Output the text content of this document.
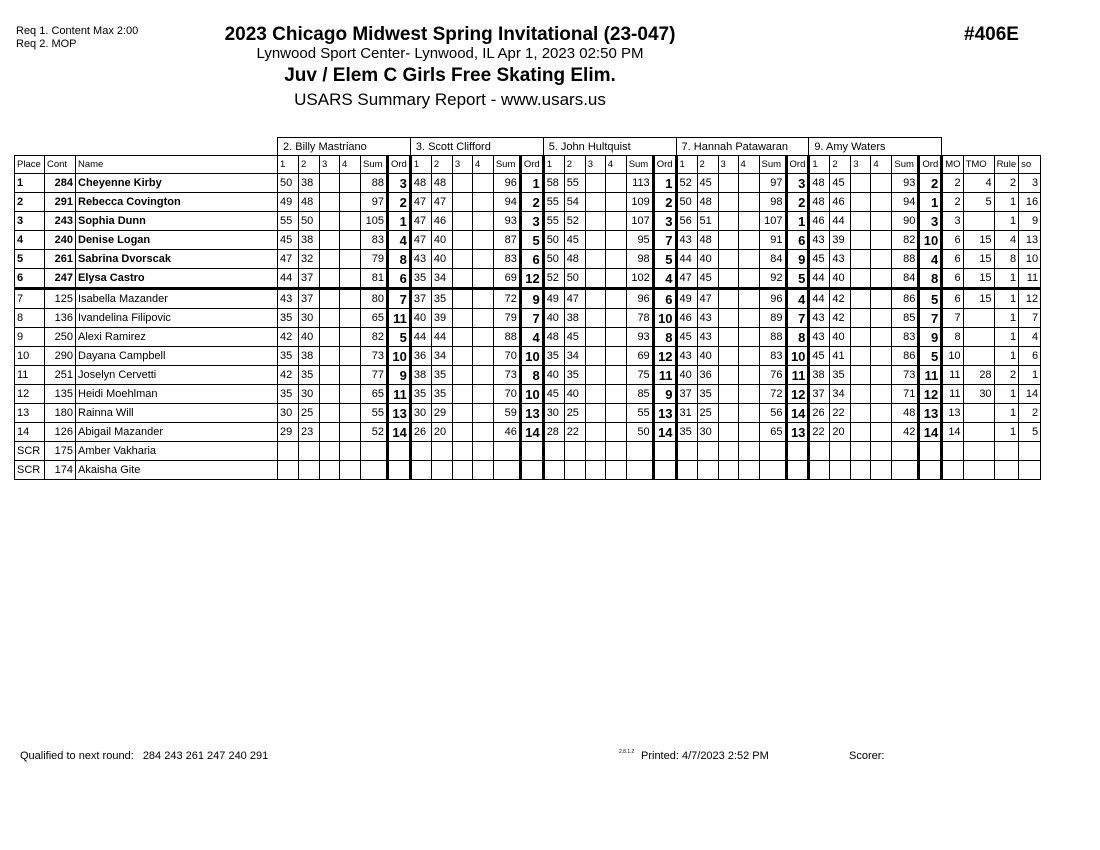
Req 1. Content Max 2:00
Req 2. MOP	2023 Chicago Midwest Spring Invitational (23-047)
Lynwood Sport Center- Lynwood, IL Apr 1, 2023 02:50 PM
Juv / Elem C Girls Free Skating Elim.
USARS Summary Report - www.usars.us
#406E
			2. Billy Mastriano						3. Scott Clifford						5. John Hultquist						7. Hannah Patawaran						9. Amy Waters									
Place	Cont	Name	1	2	3	4	Sum	Ord	1	2	3	4	Sum	Ord	1	2	3	4	Sum	Ord	1	2	3	4	Sum	Ord	1	2	3	4	Sum	Ord	MO	TMO	Rule	so
1	284	Cheyenne Kirby	50	38			88	3	48	48			96	1	58	55			113	1	52	45			97	3	48	45			93	2	2	4	2	3
2	291	Rebecca Covington	49	48			97	2	47	47			94	2	55	54			109	2	50	48			98	2	48	46			94	1	2	5	1	16
3	243	Sophia Dunn	55	50			105	1	47	46			93	3	55	52			107	3	56	51			107	1	46	44			90	3	3		1	9
4	240	Denise Logan	45	38			83	4	47	40			87	5	50	45			95	7	43	48			91	6	43	39			82	10	6	15	4	13
5	261	Sabrina Dvorscak	47	32			79	8	43	40			83	6	50	48			98	5	44	40			84	9	45	43			88	4	6	15	8	10
6	247	Elysa Castro	44	37			81	6	35	34			69	12	52	50			102	4	47	45			92	5	44	40			84	8	6	15	1	11
7	125	Isabella Mazander	43	37			80	7	37	35			72	9	49	47			96	6	49	47			96	4	44	42			86	5	6	15	1	12
8	136	Ivandelina Filipovic	35	30			65	11	40	39			79	7	40	38			78	10	46	43			89	7	43	42			85	7	7		1	7
9	250	Alexi Ramirez	42	40			82	5	44	44			88	4	48	45			93	8	45	43			88	8	43	40			83	9	8		1	4
10	290	Dayana Campbell	35	38			73	10	36	34			70	10	35	34			69	12	43	40			83	10	45	41			86	5	10		1	6
11	251	Joselyn Cervetti	42	35			77	9	38	35			73	8	40	35			75	11	40	36			76	11	38	35			73	11	11	28	2	1
12	135	Heidi Moehlman	35	30			65	11	35	35			70	10	45	40			85	9	37	35			72	12	37	34			71	12	11	30	1	14
13	180	Rainna Will	30	25			55	13	30	29			59	13	30	25			55	13	31	25			56	14	26	22			48	13	13		1	2
14	126	Abigail Mazander	29	23			52	14	26	20			46	14	28	22			50	14	35	30			65	13	22	20			42	14	14		1	5
SCR	175	Amber Vakharia																																		
SCR	174	Akaisha Gite																																		
Qualified to next round: 284 243 261 247 240 291	2.8.1.2 Printed: 4/7/2023 2:52 PM	Scorer:
